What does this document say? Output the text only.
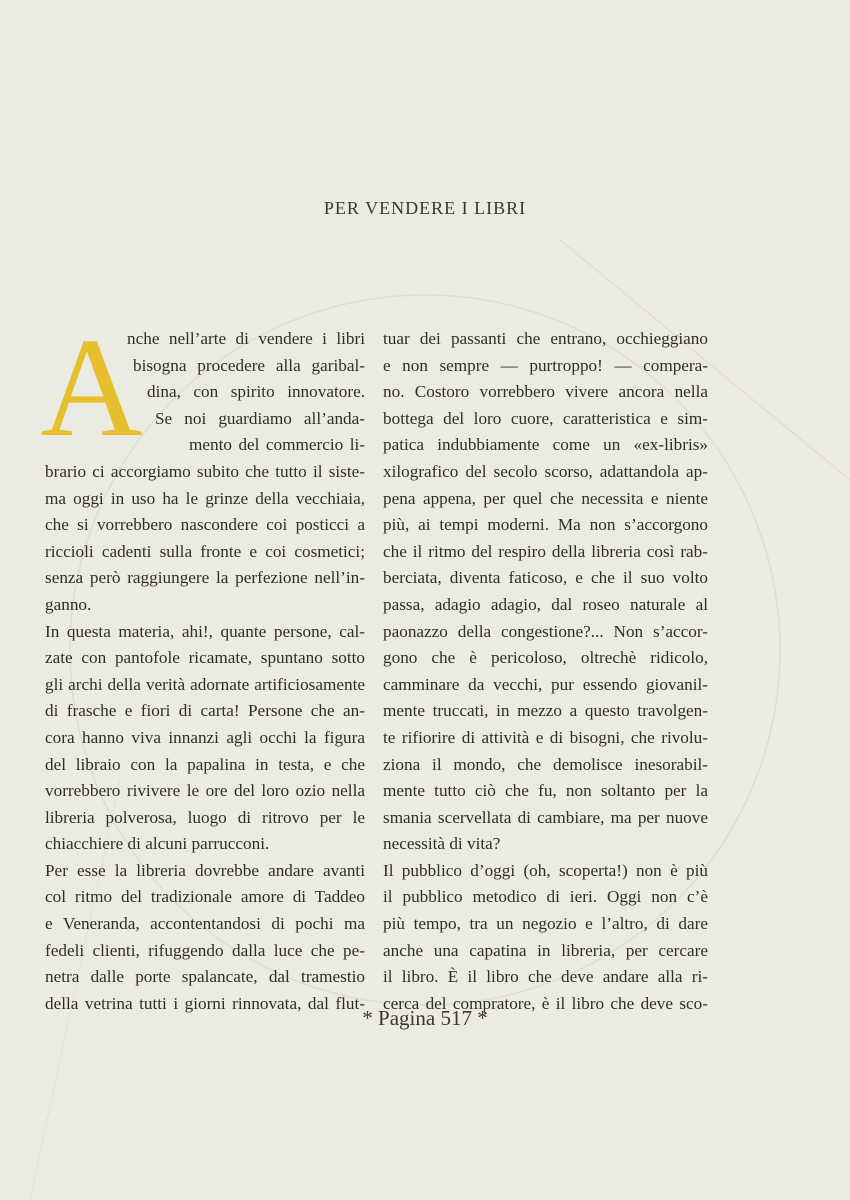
PER VENDERE I LIBRI
A
nche nell’arte di vendere i libri
bisogna procedere alla garibal-
dina, con spirito innovatore.
Se noi guardiamo all’anda-
mento del commercio li-
brario ci accorgiamo subito che tutto il siste-
ma oggi in uso ha le grinze della vecchiaia,
che si vorrebbero nascondere coi posticci a
riccioli cadenti sulla fronte e coi cosmetici;
senza però raggiungere la perfezione nell’in-
ganno.
In questa materia, ahi!, quante persone, cal-
zate con pantofole ricamate, spuntano sotto
gli archi della verità adornate artificiosamente
di frasche e fiori di carta! Persone che an-
cora hanno viva innanzi agli occhi la figura
del libraio con la papalina in testa, e che
vorrebbero rivivere le ore del loro ozio nella
libreria polverosa, luogo di ritrovo per le
chiacchiere di alcuni parrucconi.
Per esse la libreria dovrebbe andare avanti
col ritmo del tradizionale amore di Taddeo
e Veneranda, accontentandosi di pochi ma
fedeli clienti, rifuggendo dalla luce che pe-
netra dalle porte spalancate, dal tramestio
della vetrina tutti i giorni rinnovata, dal flut-
tuar dei passanti che entrano, occhieggiano
e non sempre — purtroppo! — compera-
no. Costoro vorrebbero vivere ancora nella
bottega del loro cuore, caratteristica e sim-
patica indubbiamente come un «ex-libris»
xilografico del secolo scorso, adattandola ap-
pena appena, per quel che necessita e niente
più, ai tempi moderni. Ma non s’accorgono
che il ritmo del respiro della libreria così rab-
berciata, diventa faticoso, e che il suo volto
passa, adagio adagio, dal roseo naturale al
paonazzo della congestione?... Non s’accor-
gono che è pericoloso, oltrechè ridicolo,
camminare da vecchi, pur essendo giovanil-
mente truccati, in mezzo a questo travolgen-
te rifiorire di attività e di bisogni, che rivolu-
ziona il mondo, che demolisce inesorabil-
mente tutto ciò che fu, non soltanto per la
smania scervellata di cambiare, ma per nuove
necessità di vita?
Il pubblico d’oggi (oh, scoperta!) non è più
il pubblico metodico di ieri. Oggi non c’è
più tempo, tra un negozio e l’altro, di dare
anche una capatina in libreria, per cercare
il libro. È il libro che deve andare alla ri-
cerca del compratore, è il libro che deve sco-
* Pagina 517 *
